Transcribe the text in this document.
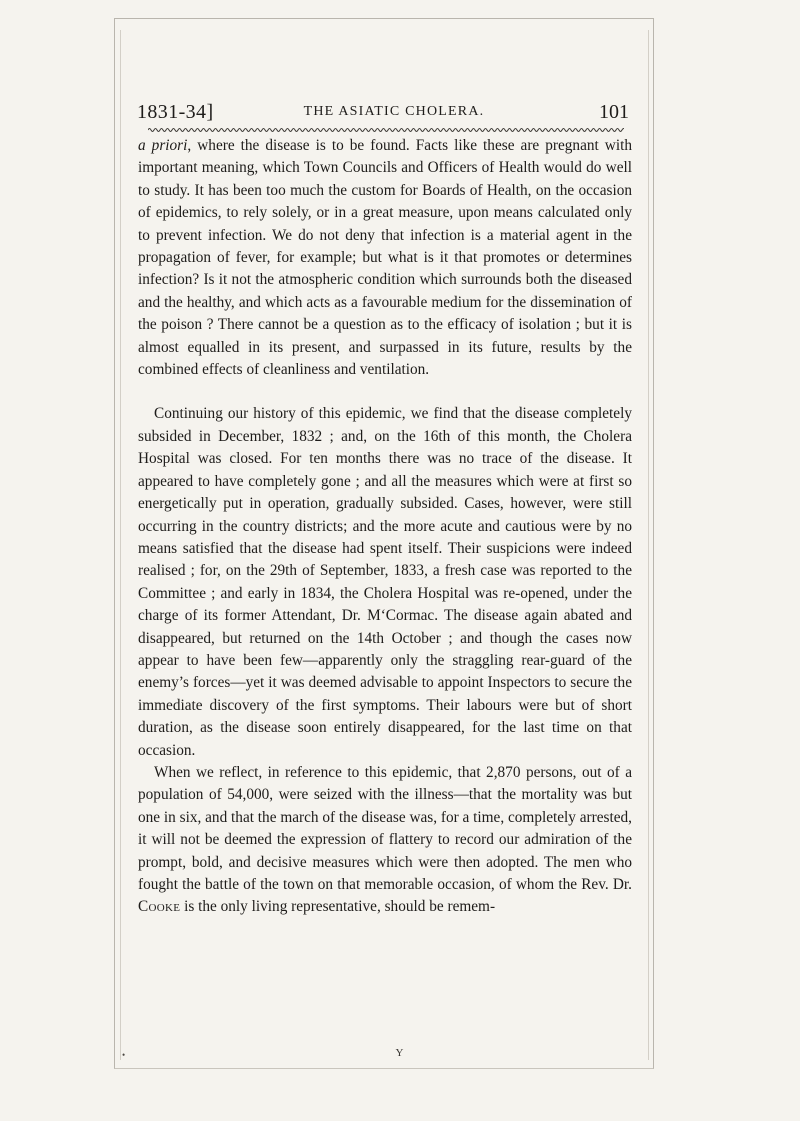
1831-34]	THE ASIATIC CHOLERA.	101

a priori, where the disease is to be found. Facts like these are pregnant with important meaning, which Town Councils and Officers of Health would do well to study. It has been too much the custom for Boards of Health, on the occasion of epidemics, to rely solely, or in a great measure, upon means calculated only to prevent infection. We do not deny that infection is a material agent in the propagation of fever, for example; but what is it that promotes or determines infection? Is it not the atmospheric condition which surrounds both the diseased and the healthy, and which acts as a favourable medium for the dissemination of the poison ? There cannot be a question as to the efficacy of isolation ; but it is almost equalled in its present, and surpassed in its future, results by the combined effects of cleanliness and ventilation.

Continuing our history of this epidemic, we find that the disease completely subsided in December, 1832 ; and, on the 16th of this month, the Cholera Hospital was closed. For ten months there was no trace of the disease. It appeared to have completely gone ; and all the measures which were at first so energetically put in operation, gradually subsided. Cases, however, were still occurring in the country districts; and the more acute and cautious were by no means satisfied that the disease had spent itself. Their suspicions were indeed realised ; for, on the 29th of September, 1833, a fresh case was reported to the Committee ; and early in 1834, the Cholera Hospital was re-opened, under the charge of its former Attendant, Dr. M‘Cormac. The disease again abated and disappeared, but returned on the 14th October ; and though the cases now appear to have been few—apparently only the straggling rear-guard of the enemy’s forces—yet it was deemed advisable to appoint Inspectors to secure the immediate discovery of the first symptoms. Their labours were but of short duration, as the disease soon entirely disappeared, for the last time on that occasion.

When we reflect, in reference to this epidemic, that 2,870 persons, out of a population of 54,000, were seized with the illness—that the mortality was but one in six, and that the march of the disease was, for a time, completely arrested, it will not be deemed the expression of flattery to record our admiration of the prompt, bold, and decisive measures which were then adopted. The men who fought the battle of the town on that memorable occasion, of whom the Rev. Dr. Cooke is the only living representative, should be remem-

•	Y
